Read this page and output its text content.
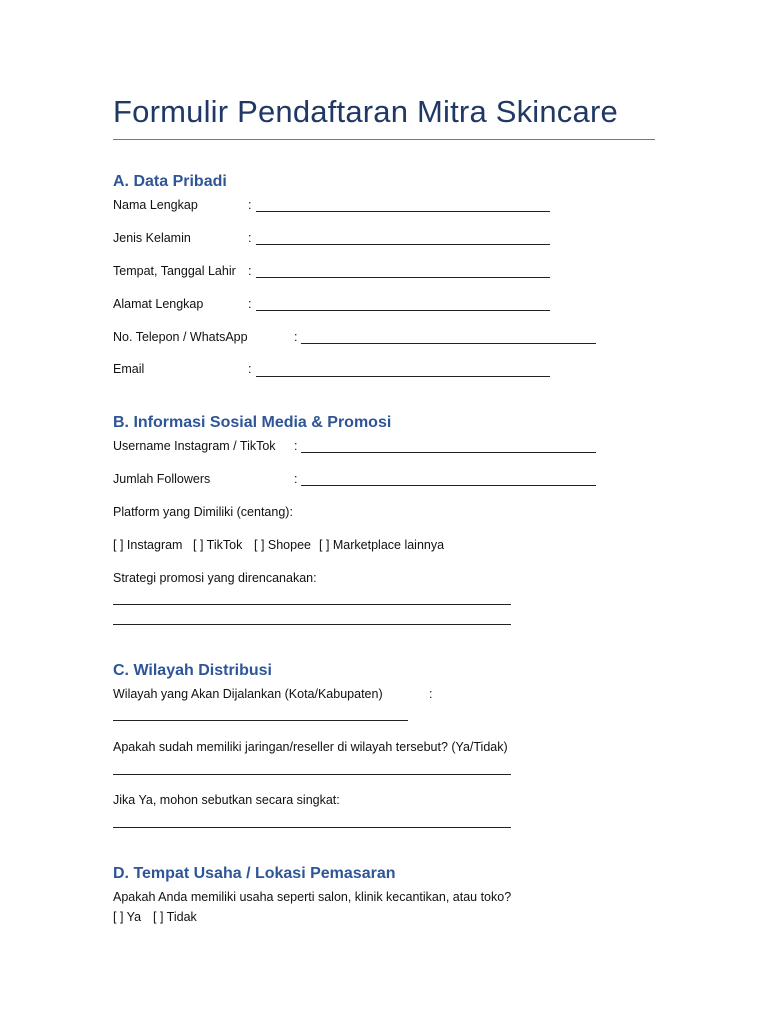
Formulir Pendaftaran Mitra Skincare
A. Data Pribadi
Nama Lengkap	:
Jenis Kelamin	:
Tempat, Tanggal Lahir :
Alamat Lengkap	:
No. Telepon / WhatsApp	:
Email	:
B. Informasi Sosial Media & Promosi
Username Instagram / TikTok :
Jumlah Followers	:
Platform yang Dimiliki (centang):
[ ] Instagram [ ] TikTok [ ] Shopee [ ] Marketplace lainnya
Strategi promosi yang direncanakan:
C. Wilayah Distribusi
Wilayah yang Akan Dijalankan (Kota/Kabupaten)	:
Apakah sudah memiliki jaringan/reseller di wilayah tersebut? (Ya/Tidak)
Jika Ya, mohon sebutkan secara singkat:
D. Tempat Usaha / Lokasi Pemasaran
Apakah Anda memiliki usaha seperti salon, klinik kecantikan, atau toko?
[ ] Ya [ ] Tidak
